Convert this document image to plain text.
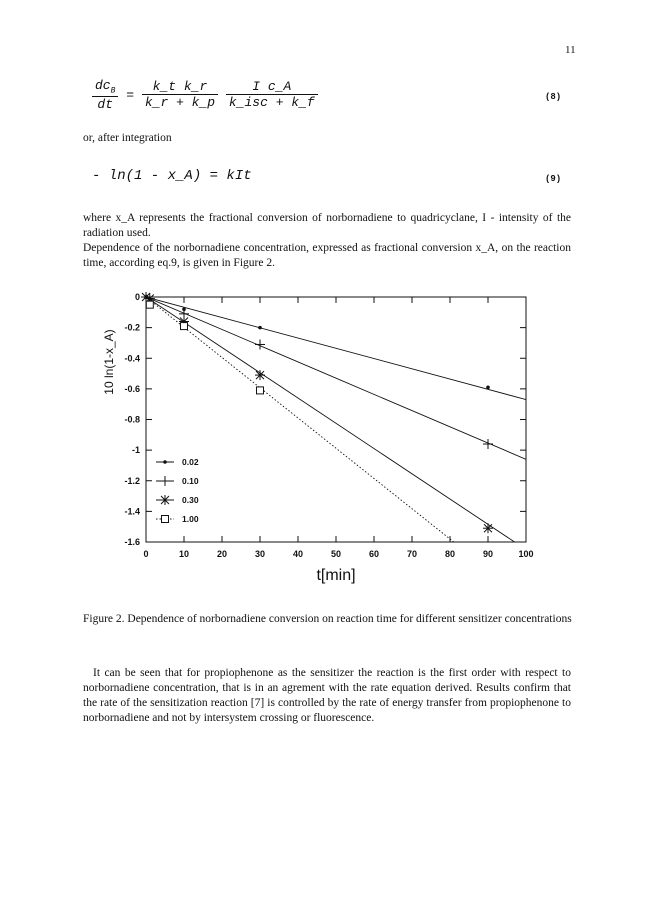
11
$\frac{dc_B}{dt} = \frac{\text{k\_t k\_r}}{k\_r + k\_p}$
$\frac{\text{I c\_A}}{\text{k\_isc + k\_f}}$	(8)
or, after integration
- ln(1 - x_A) = kIt	(9)
where x_A represents the fractional conversion of norbornadiene to quadricyclane, I - intensity of the radiation used.
Dependence of the norbornadiene concentration, expressed as fractional conversion x_A, on the reaction time, according eq.9, is given in Figure 2.
0	10	20	30	40	50	60	70	80	90	100
0
-0.2
-0.4
-0.6
-0.8
-1
-1.2
-1.4
-1.6
t[min]
10 ln(1-x_A)
0.02
0.10
0.30
1.00
Figure 2. Dependence of norbornadiene conversion on reaction time for different sensitizer concentrations
It can be seen that for propiophenone as the sensitizer the reaction is the first order with respect to norbornadiene concentration, that is in an agrement with the rate equation derived. Results confirm that the rate of the sensitization reaction [7] is controlled by the rate of energy transfer from propiophenone to norbornadiene and not by intersystem crossing or fluorescence.
